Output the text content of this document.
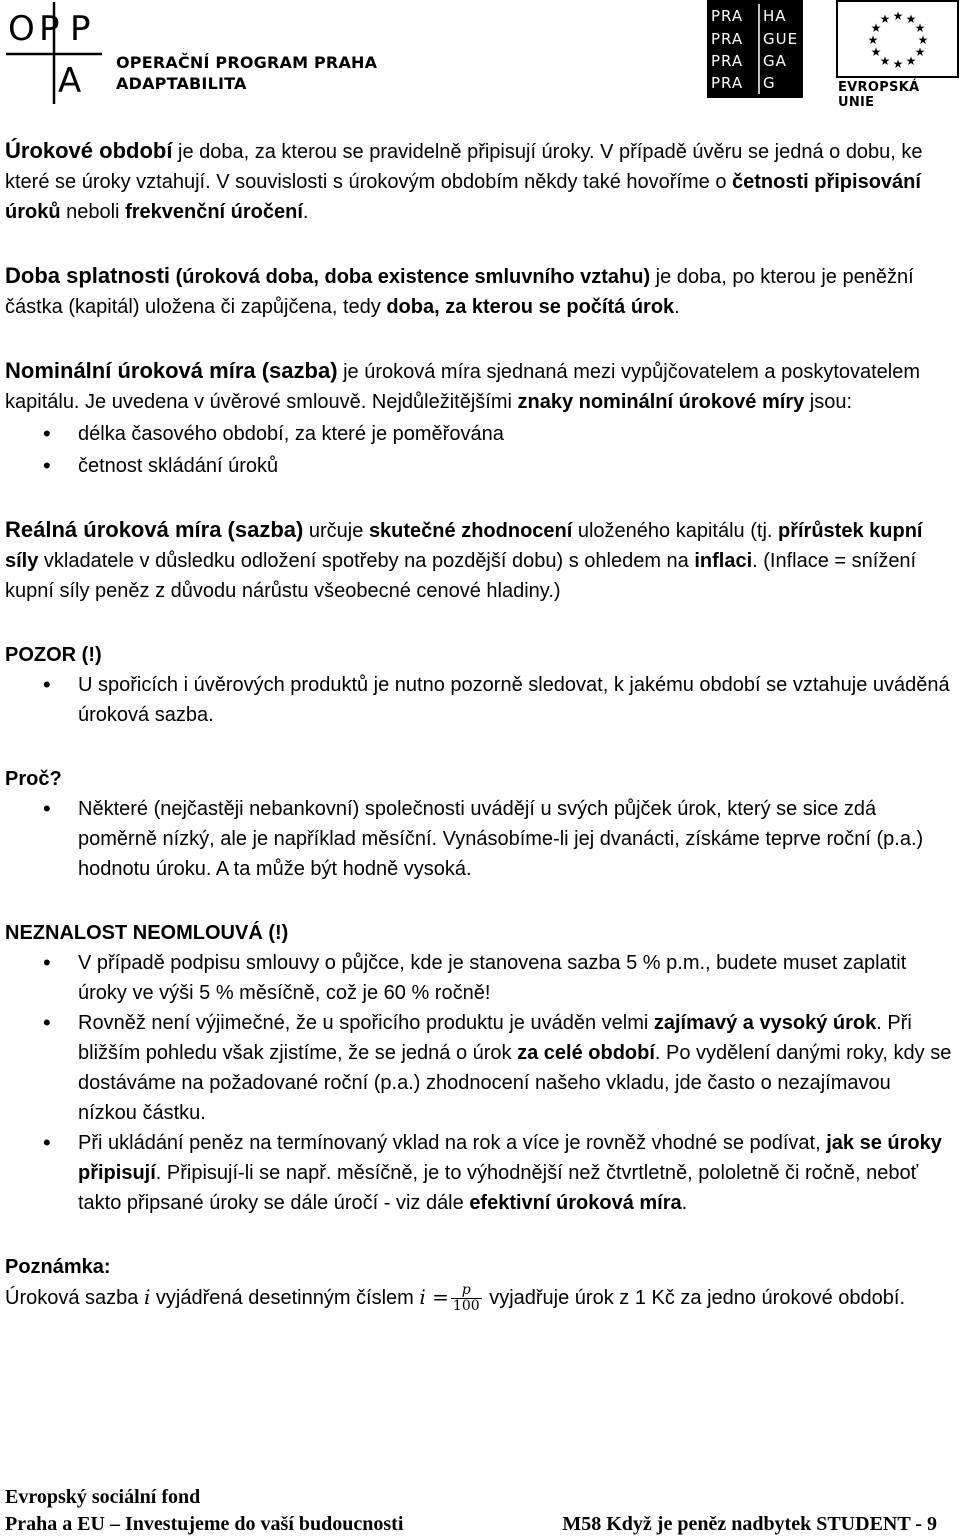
O P P
A OPERAČNÍ PROGRAM PRAHA
ADAPTABILITA
PRA HA
PRA GUE
PRA GA
PRA G
★ ★
★
★
★
★
★
★
★
★
★
★
EVROPSKÁ UNIE

Úrokové období je doba, za kterou se pravidelně připisují úroky. V případě úvěru se jedná o dobu, ke které se úroky vztahují. V souvislosti s úrokovým obdobím někdy také hovoříme o četnosti připisování úroků neboli frekvenční úročení.

Doba splatnosti (úroková doba, doba existence smluvního vztahu) je doba, po kterou je peněžní částka (kapitál) uložena či zapůjčena, tedy doba, za kterou se počítá úrok.

Nominální úroková míra (sazba) je úroková míra sjednaná mezi vypůjčovatelem a poskytovatelem kapitálu. Je uvedena v úvěrové smlouvě. Nejdůležitějšími znaky nominální úrokové míry jsou:

• délka časového období, za které je poměřována
• četnost skládání úroků

Reálná úroková míra (sazba) určuje skutečné zhodnocení uloženého kapitálu (tj. přírůstek kupní síly vkladatele v důsledku odložení spotřeby na pozdější dobu) s ohledem na inflaci. (Inflace = snížení kupní síly peněz z důvodu nárůstu všeobecné cenové hladiny.)

POZOR (!)

• U spořicích i úvěrových produktů je nutno pozorně sledovat, k jakému období se vztahuje uváděná úroková sazba.

Proč?

• Některé (nejčastěji nebankovní) společnosti uvádějí u svých půjček úrok, který se sice zdá poměrně nízký, ale je například měsíční. Vynásobíme-li jej dvanácti, získáme teprve roční (p.a.) hodnotu úroku. A ta může být hodně vysoká.

NEZNALOST NEOMLOUVÁ (!)

• V případě podpisu smlouvy o půjčce, kde je stanovena sazba 5 % p.m., budete muset zaplatit úroky ve výši 5 % měsíčně, což je 60 % ročně!
• Rovněž není výjimečné, že u spořicího produktu je uváděn velmi zajímavý a vysoký úrok. Při bližším pohledu však zjistíme, že se jedná o úrok za celé období. Po vydělení danými roky, kdy se dostáváme na požadované roční (p.a.) zhodnocení našeho vkladu, jde často o nezajímavou nízkou částku.
• Při ukládání peněz na termínovaný vklad na rok a více je rovněž vhodné se podívat, jak se úroky připisují. Připisují-li se např. měsíčně, je to výhodnější než čtvrtletně, pololetně či ročně, neboť takto připsané úroky se dále úročí - viz dále efektivní úroková míra.

Poznámka:

Úroková sazba i vyjádřená desetinným číslem $i = \frac{p}{100}$ vyjadřuje úrok z 1 Kč za jedno úrokové období.

Evropský sociální fond
Praha a EU – Investujeme do vaší budoucnosti	M58 Když je peněz nadbytek STUDENT - 9
